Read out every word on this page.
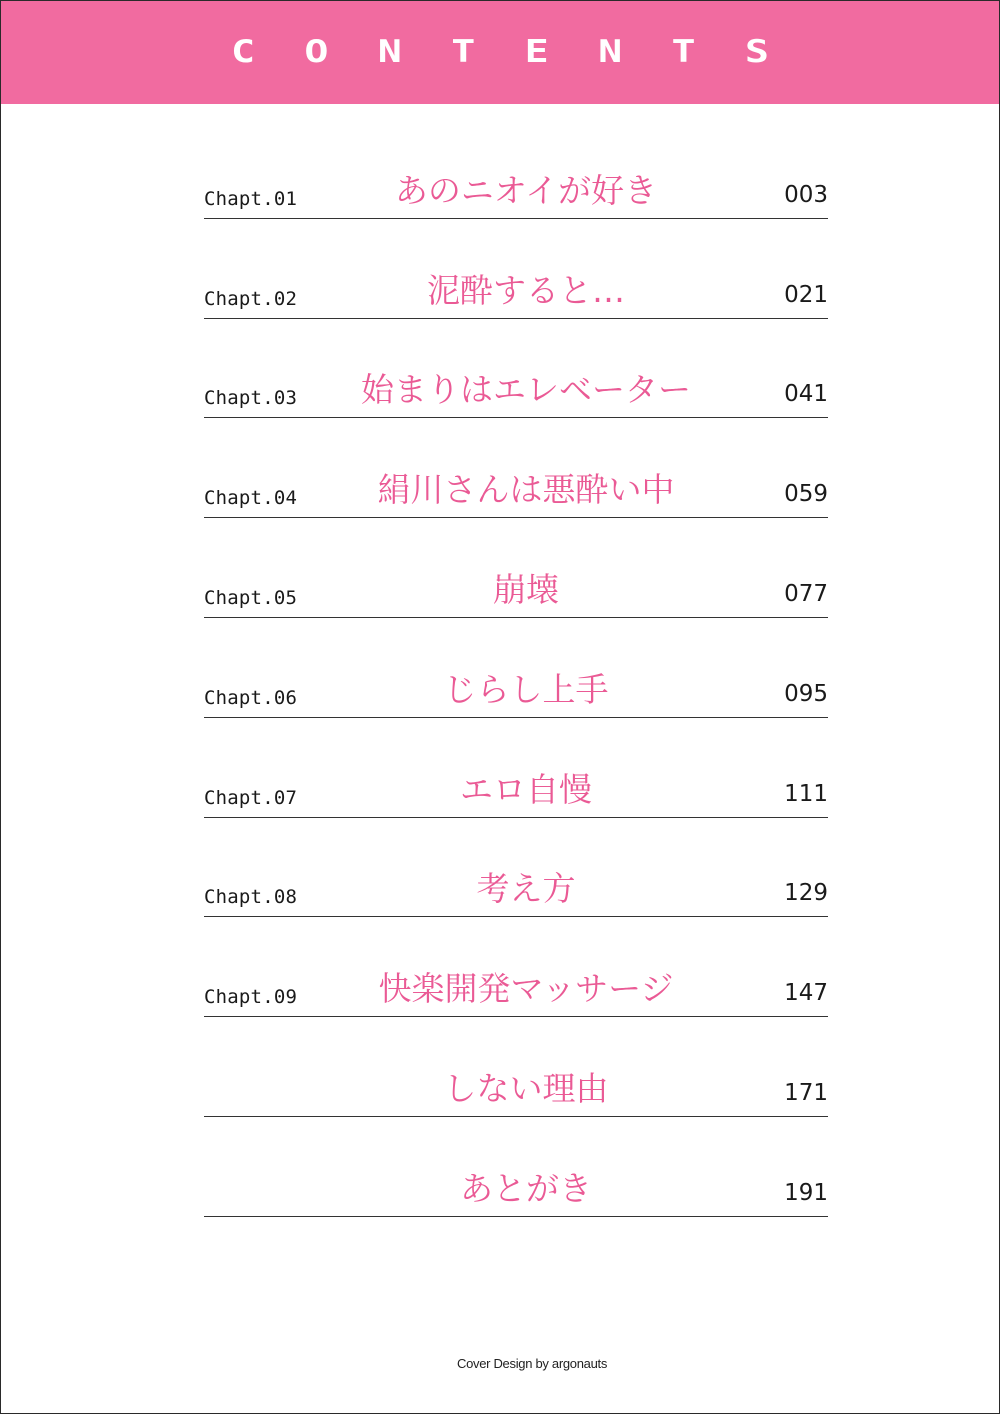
C O N T E N T S
Chapt.01	あのニオイが好き	003
Chapt.02	泥酔すると…	021
Chapt.03	始まりはエレベーター	041
Chapt.04	絹川さんは悪酔い中	059
Chapt.05	崩壊	077
Chapt.06	じらし上手	095
Chapt.07	エロ自慢	111
Chapt.08	考え方	129
Chapt.09	快楽開発マッサージ	147
しない理由	171
あとがき	191
Cover Design by argonauts
